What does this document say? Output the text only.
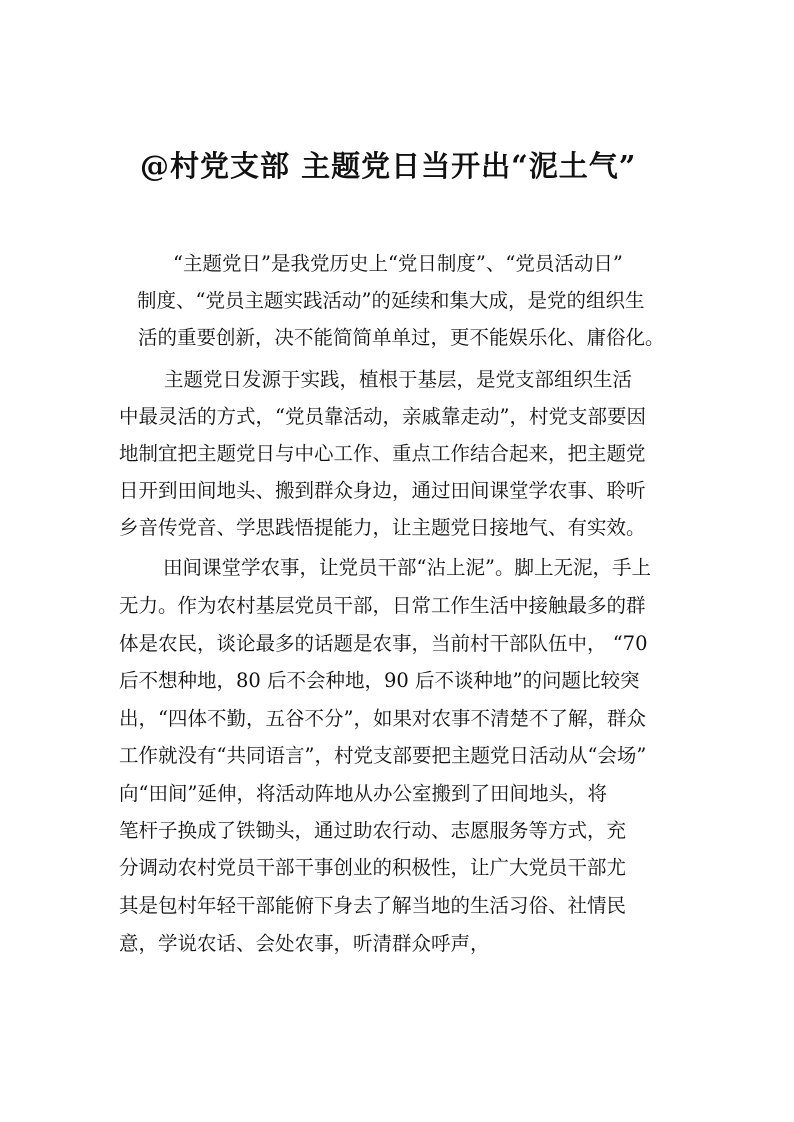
@村党支部 主题党日当开出“泥土气”
“主题党日”是我党历史上“党日制度”、“党员活动日”
制度、“党员主题实践活动”的延续和集大成，是党的组织生
活的重要创新，决不能简简单单过，更不能娱乐化、庸俗化。
主题党日发源于实践，植根于基层，是党支部组织生活
中最灵活的方式，“党员靠活动，亲戚靠走动”，村党支部要因
地制宜把主题党日与中心工作、重点工作结合起来，把主题党
日开到田间地头、搬到群众身边，通过田间课堂学农事、聆听
乡音传党音、学思践悟提能力，让主题党日接地气、有实效。
田间课堂学农事，让党员干部“沾上泥”。脚上无泥，手上
无力。作为农村基层党员干部，日常工作生活中接触最多的群
体是农民，谈论最多的话题是农事，当前村干部队伍中， “70
后不想种地，80 后不会种地，90 后不谈种地”的问题比较突
出，“四体不勤，五谷不分”，如果对农事不清楚不了解，群众
工作就没有“共同语言”，村党支部要把主题党日活动从“会场”
向“田间”延伸，将活动阵地从办公室搬到了田间地头，将
笔杆子换成了铁锄头，通过助农行动、志愿服务等方式，充
分调动农村党员干部干事创业的积极性，让广大党员干部尤
其是包村年轻干部能俯下身去了解当地的生活习俗、社情民
意，学说农话、会处农事，听清群众呼声，
